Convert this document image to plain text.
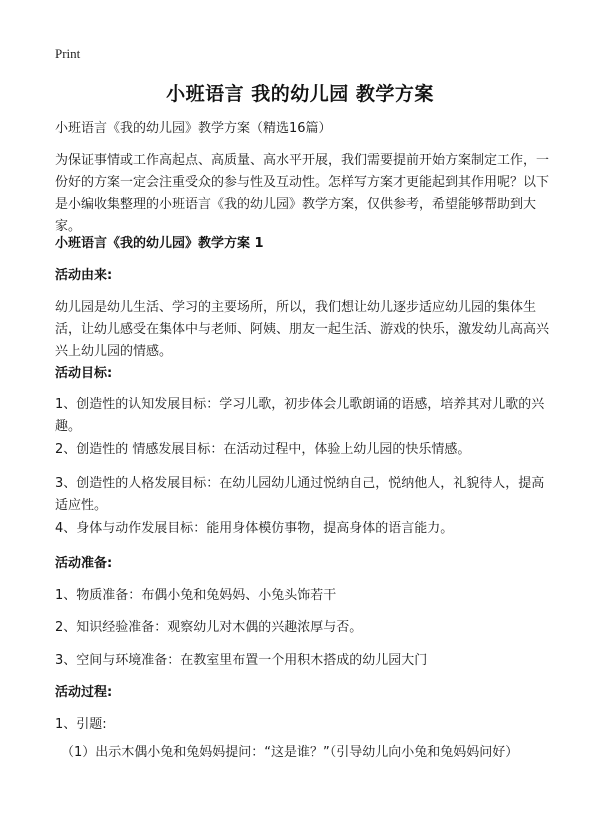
Print
小班语言 我的幼儿园 教学方案
小班语言《我的幼儿园》教学方案（精选16篇）
为保证事情或工作高起点、高质量、高水平开展，我们需要提前开始方案制定工作，一份好的方案一定会注重受众的参与性及互动性。怎样写方案才更能起到其作用呢？以下是小编收集整理的小班语言《我的幼儿园》教学方案，仅供参考，希望能够帮助到大家。
小班语言《我的幼儿园》教学方案 1
活动由来:
幼儿园是幼儿生活、学习的主要场所，所以，我们想让幼儿逐步适应幼儿园的集体生活，让幼儿感受在集体中与老师、阿姨、朋友一起生活、游戏的快乐，激发幼儿高高兴兴上幼儿园的情感。
活动目标:
1、创造性的认知发展目标：学习儿歌，初步体会儿歌朗诵的语感，培养其对儿歌的兴趣。
2、创造性的 情感发展目标：在活动过程中，体验上幼儿园的快乐情感。
3、创造性的人格发展目标：在幼儿园幼儿通过悦纳自己，悦纳他人，礼貌待人，提高适应性。
4、身体与动作发展目标：能用身体模仿事物，提高身体的语言能力。
活动准备:
1、物质准备：布偶小兔和兔妈妈、小兔头饰若干
2、知识经验准备：观察幼儿对木偶的兴趣浓厚与否。
3、空间与环境准备：在教室里布置一个用积木搭成的幼儿园大门
活动过程:
1、引题:
（1）出示木偶小兔和兔妈妈提问：“这是谁？”（引导幼儿向小兔和兔妈妈问好）
